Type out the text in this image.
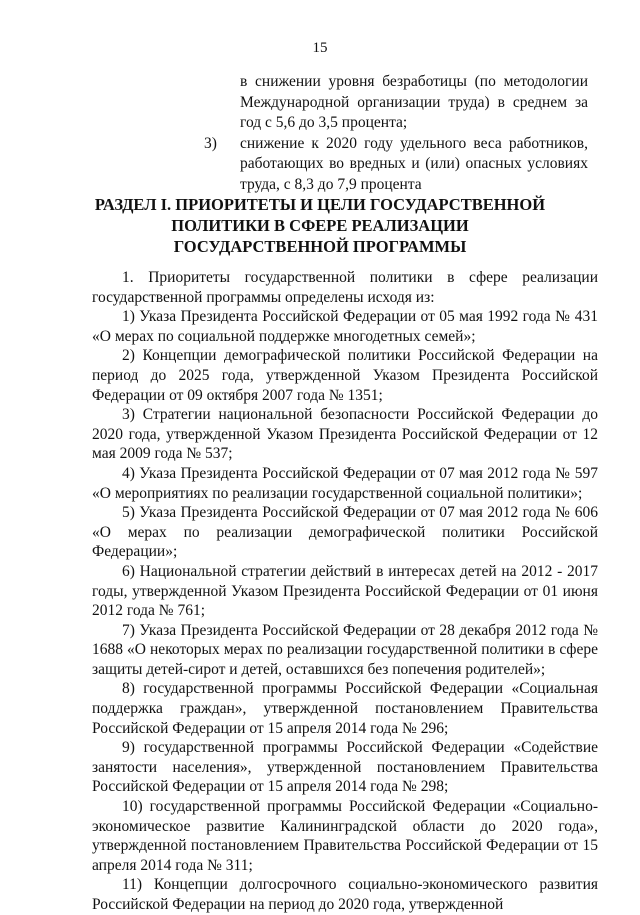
15
в снижении уровня безработицы (по методологии Международной организации труда) в среднем за год с 5,6 до 3,5 процента;
3)	снижение к 2020 году удельного веса работников, работающих во вредных и (или) опасных условиях труда, с 8,3 до 7,9 процента
РАЗДЕЛ I. ПРИОРИТЕТЫ И ЦЕЛИ ГОСУДАРСТВЕННОЙ ПОЛИТИКИ В СФЕРЕ РЕАЛИЗАЦИИ ГОСУДАРСТВЕННОЙ ПРОГРАММЫ

1. Приоритеты государственной политики в сфере реализации государственной программы определены исходя из:

1) Указа Президента Российской Федерации от 05 мая 1992 года № 431 «О мерах по социальной поддержке многодетных семей»;

2) Концепции демографической политики Российской Федерации на период до 2025 года, утвержденной Указом Президента Российской Федерации от 09 октября 2007 года № 1351;

3) Стратегии национальной безопасности Российской Федерации до 2020 года, утвержденной Указом Президента Российской Федерации от 12 мая 2009 года № 537;

4) Указа Президента Российской Федерации от 07 мая 2012 года № 597 «О мероприятиях по реализации государственной социальной политики»;

5) Указа Президента Российской Федерации от 07 мая 2012 года № 606 «О мерах по реализации демографической политики Российской Федерации»;

6) Национальной стратегии действий в интересах детей на 2012 - 2017 годы, утвержденной Указом Президента Российской Федерации от 01 июня 2012 года № 761;

7) Указа Президента Российской Федерации от 28 декабря 2012 года № 1688 «О некоторых мерах по реализации государственной политики в сфере защиты детей-сирот и детей, оставшихся без попечения родителей»;

8) государственной программы Российской Федерации «Социальная поддержка граждан», утвержденной постановлением Правительства Российской Федерации от 15 апреля 2014 года № 296;

9) государственной программы Российской Федерации «Содействие занятости населения», утвержденной постановлением Правительства Российской Федерации от 15 апреля 2014 года № 298;

10) государственной программы Российской Федерации «Социально-экономическое развитие Калининградской области до 2020 года», утвержденной постановлением Правительства Российской Федерации от 15 апреля 2014 года № 311;

11) Концепции долгосрочного социально-экономического развития Российской Федерации на период до 2020 года, утвержденной
